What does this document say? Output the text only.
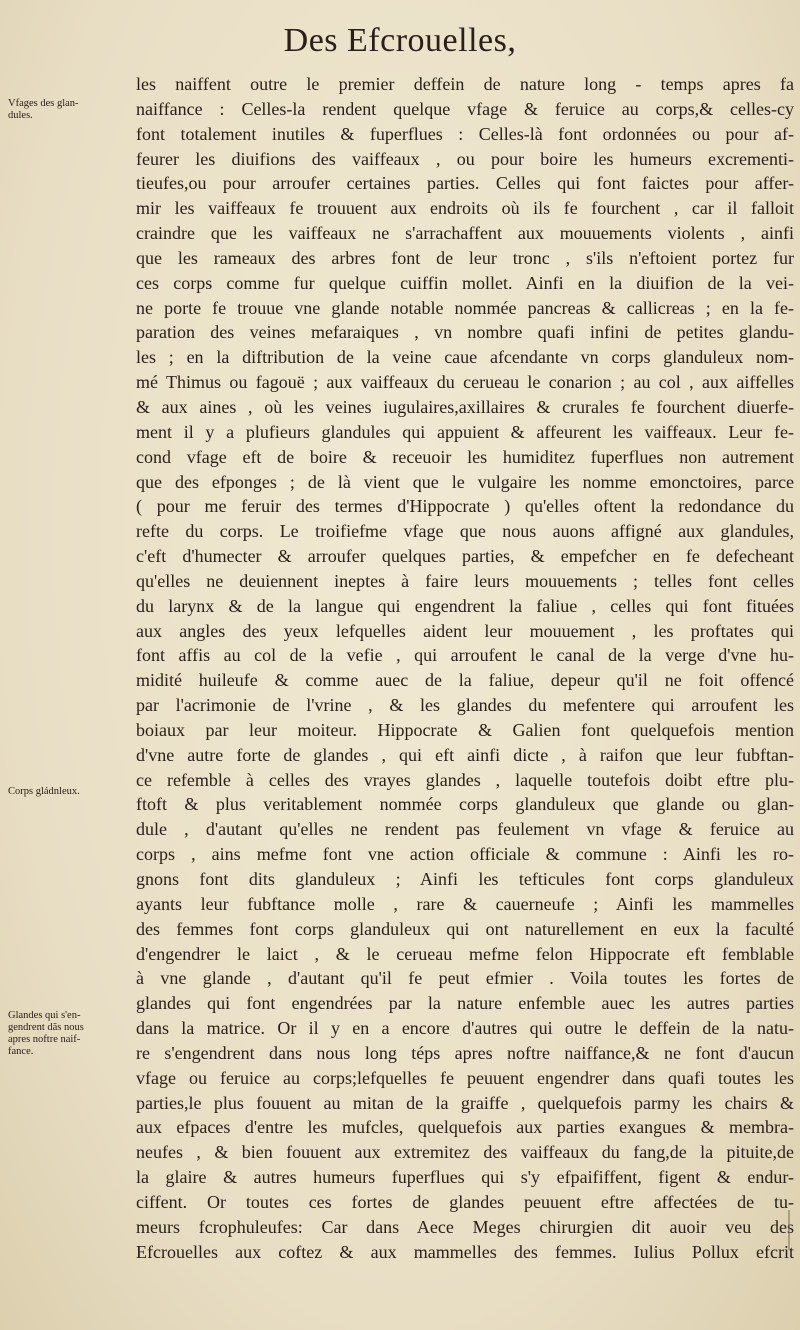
Des Efcrouelles,
Vfages des glan-
dules.
Corps gládnleux.
Glandes qui s'en-
gendrent dãs nous
apres noftre naif-
fance.
les naiffent outre le premier deffein de nature long - temps apres fa
naiffance : Celles-la rendent quelque vfage & feruice au corps,& celles-cy
font totalement inutiles & fuperflues : Celles-là font ordonnées ou pour af-
feurer les diuifions des vaiffeaux , ou pour boire les humeurs excrementi-
tieufes,ou pour arroufer certaines parties. Celles qui font faictes pour affer-
mir les vaiffeaux fe trouuent aux endroits où ils fe fourchent , car il falloit
craindre que les vaiffeaux ne s'arrachaffent aux mouuements violents , ainfi
que les rameaux des arbres font de leur tronc , s'ils n'eftoient portez fur
ces corps comme fur quelque cuiffin mollet. Ainfi en la diuifion de la vei-
ne porte fe trouue vne glande notable nommée pancreas & callicreas ; en la fe-
paration des veines mefaraiques , vn nombre quafi infini de petites glandu-
les ; en la diftribution de la veine caue afcendante vn corps glanduleux nom-
mé Thimus ou fagouë ; aux vaiffeaux du cerueau le conarion ; au col , aux aiffelles
& aux aines , où les veines iugulaires,axillaires & crurales fe fourchent diuerfe-
ment il y a plufieurs glandules qui appuient & affeurent les vaiffeaux. Leur fe-
cond vfage eft de boire & receuoir les humiditez fuperflues non autrement
que des efponges ; de là vient que le vulgaire les nomme emonctoires, parce
( pour me feruir des termes d'Hippocrate ) qu'elles oftent la redondance du
refte du corps. Le troifiefme vfage que nous auons affigné aux glandules,
c'eft d'humecter & arroufer quelques parties, & empefcher en fe defecheant
qu'elles ne deuiennent ineptes à faire leurs mouuements ; telles font celles
du larynx & de la langue qui engendrent la faliue , celles qui font fituées
aux angles des yeux lefquelles aident leur mouuement , les proftates qui
font affis au col de la vefie , qui arroufent le canal de la verge d'vne hu-
midité huileufe & comme auec de la faliue, depeur qu'il ne foit offencé
par l'acrimonie de l'vrine , & les glandes du mefentere qui arroufent les
boiaux par leur moiteur. Hippocrate & Galien font quelquefois mention
d'vne autre forte de glandes , qui eft ainfi dicte , à raifon que leur fubftan-
ce refemble à celles des vrayes glandes , laquelle toutefois doibt eftre plu-
ftoft & plus veritablement nommée corps glanduleux que glande ou glan-
dule , d'autant qu'elles ne rendent pas feulement vn vfage & feruice au
corps , ains mefme font vne action officiale & commune : Ainfi les ro-
gnons font dits glanduleux ; Ainfi les tefticules font corps glanduleux
ayants leur fubftance molle , rare & cauerneufe ; Ainfi les mammelles
des femmes font corps glanduleux qui ont naturellement en eux la faculté
d'engendrer le laict , & le cerueau mefme felon Hippocrate eft femblable
à vne glande , d'autant qu'il fe peut efmier . Voila toutes les fortes de
glandes qui font engendrées par la nature enfemble auec les autres parties
dans la matrice. Or il y en a encore d'autres qui outre le deffein de la natu-
re s'engendrent dans nous long téps apres noftre naiffance,& ne font d'aucun
vfage ou feruice au corps;lefquelles fe peuuent engendrer dans quafi toutes les
parties,le plus fouuent au mitan de la graiffe , quelquefois parmy les chairs &
aux efpaces d'entre les mufcles, quelquefois aux parties exangues & membra-
neufes , & bien fouuent aux extremitez des vaiffeaux du fang,de la pituite,de
la glaire & autres humeurs fuperflues qui s'y efpaififfent, figent & endur-
ciffent. Or toutes ces fortes de glandes peuuent eftre affectées de tu-
meurs fcrophuleufes: Car dans Aece Meges chirurgien dit auoir veu des
Efcrouelles aux coftez & aux mammelles des femmes. Iulius Pollux efcrit
